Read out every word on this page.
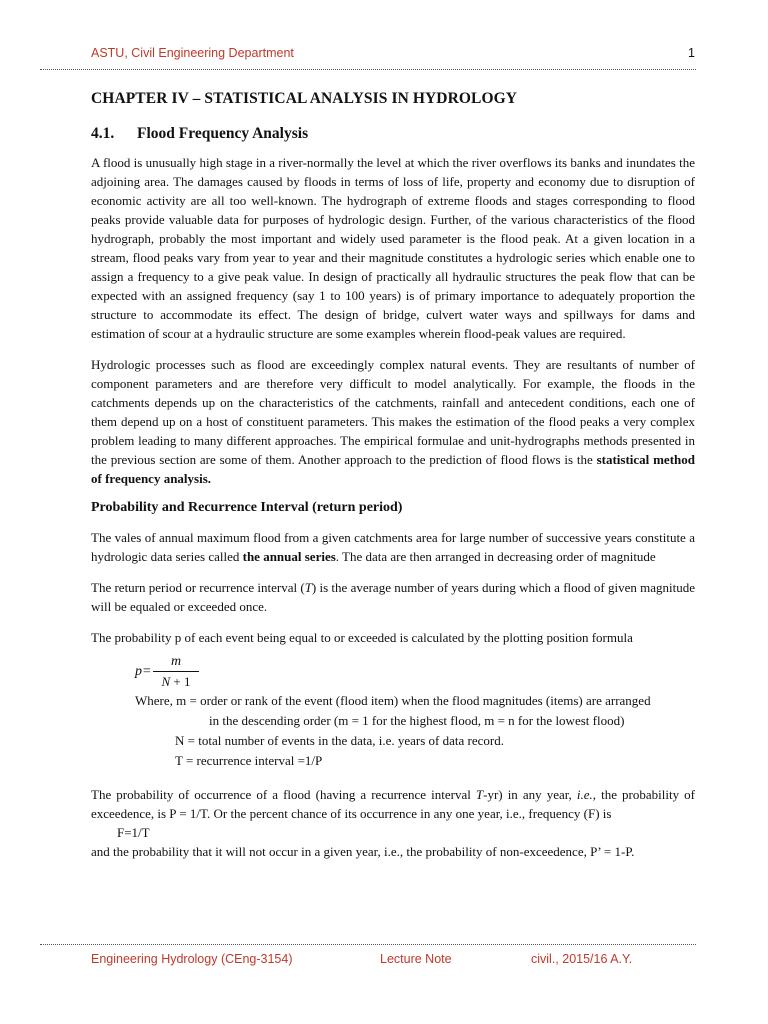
ASTU, Civil Engineering Department	1
CHAPTER IV – STATISTICAL ANALYSIS IN HYDROLOGY
4.1. Flood Frequency Analysis

A flood is unusually high stage in a river-normally the level at which the river overflows its banks and inundates the adjoining area. The damages caused by floods in terms of loss of life, property and economy due to disruption of economic activity are all too well-known. The hydrograph of extreme floods and stages corresponding to flood peaks provide valuable data for purposes of hydrologic design. Further, of the various characteristics of the flood hydrograph, probably the most important and widely used parameter is the flood peak. At a given location in a stream, flood peaks vary from year to year and their magnitude constitutes a hydrologic series which enable one to assign a frequency to a give peak value. In design of practically all hydraulic structures the peak flow that can be expected with an assigned frequency (say 1 to 100 years) is of primary importance to adequately proportion the structure to accommodate its effect. The design of bridge, culvert water ways and spillways for dams and estimation of scour at a hydraulic structure are some examples wherein flood-peak values are required.

Hydrologic processes such as flood are exceedingly complex natural events. They are resultants of number of component parameters and are therefore very difficult to model analytically. For example, the floods in the catchments depends up on the characteristics of the catchments, rainfall and antecedent conditions, each one of them depend up on a host of constituent parameters. This makes the estimation of the flood peaks a very complex problem leading to many different approaches. The empirical formulae and unit-hydrographs methods presented in the previous section are some of them. Another approach to the prediction of flood flows is the statistical method of frequency analysis.

Probability and Recurrence Interval (return period)

The vales of annual maximum flood from a given catchments area for large number of successive years constitute a hydrologic data series called the annual series. The data are then arranged in decreasing order of magnitude

The return period or recurrence interval (T) is the average number of years during which a flood of given magnitude will be equaled or exceeded once.

The probability p of each event being equal to or exceeded is calculated by the plotting position formula

p=
m
N + 1
Where, m = order or rank of the event (flood item) when the flood magnitudes (items) are arranged
in the descending order (m = 1 for the highest flood, m = n for the lowest flood)
N = total number of events in the data, i.e. years of data record.
T = recurrence interval =1/P
The probability of occurrence of a flood (having a recurrence interval T-yr) in any year, i.e., the probability of exceedence, is P = 1/T. Or the percent chance of its occurrence in any one year, i.e., frequency (F) is
F=1/T
and the probability that it will not occur in a given year, i.e., the probability of non-exceedence, P’ = 1-P.
Engineering Hydrology (CEng-3154)	Lecture Note	civil., 2015/16 A.Y.
